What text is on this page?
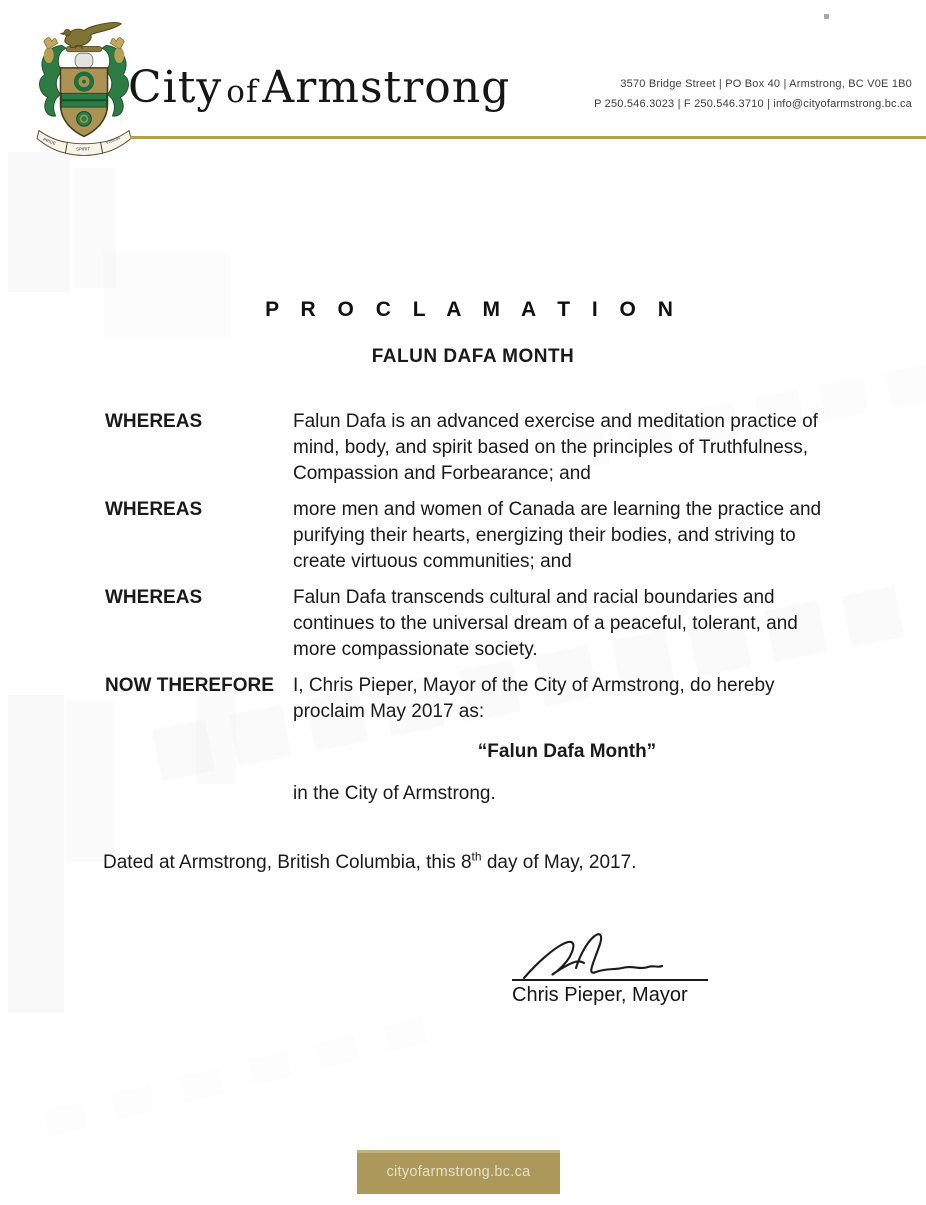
PRIDE
SPIRIT
VISION
City ofArmstrong	3570 Bridge Street | PO Box 40 | Armstrong, BC V0E 1B0
P 250.546.3023 | F 250.546.3710 | info@cityofarmstrong.bc.ca
P R O C L A M A T I O N
FALUN DAFA MONTH
WHEREAS	Falun Dafa is an advanced exercise and meditation practice of mind, body, and spirit based on the principles of Truthfulness, Compassion and Forbearance; and
WHEREAS	more men and women of Canada are learning the practice and purifying their hearts, energizing their bodies, and striving to create virtuous communities; and
WHEREAS	Falun Dafa transcends cultural and racial boundaries and continues to the universal dream of a peaceful, tolerant, and more compassionate society.
NOW THEREFORE	I, Chris Pieper, Mayor of the City of Armstrong, do hereby proclaim May 2017 as:
“Falun Dafa Month”
in the City of Armstrong.
Dated at Armstrong, British Columbia, this 8th day of May, 2017.
Chris Pieper, Mayor
cityofarmstrong.bc.ca
